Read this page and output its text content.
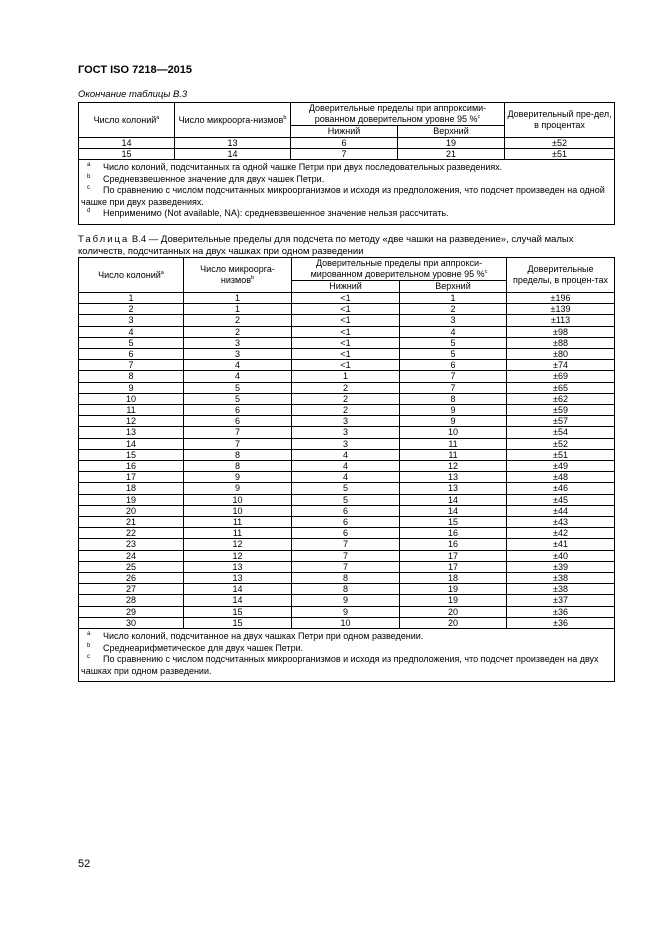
ГОСТ ISO 7218—2015
Окончание таблицы B.3
Число колоний$^a$	Число микроорга-низмов$^b$	Доверительные пределы при аппроксими-рованном доверительном уровне 95 %$^c$		Доверительный пре-дел, в процентах
		Нижний	Верхний	
14	13	6	19	±52
15	14	7	21	±51

a Число колоний, подсчитанных га одной чашке Петри при двух последовательных разведениях.
b Средневзвешенное значение для двух чашек Петри.
c По сравнению с числом подсчитанных микроорганизмов и исходя из предположения, что подсчет произведен на одной чашке при двух разведениях.
d Неприменимо (Not available, NA): средневзвешенное значение нельзя рассчитать.				
Таблица B.4 — Доверительные пределы для подсчета по методу «две чашки на разведение», случай малых количеств, подсчитанных на двух чашках при одном разведении
Число колоний$^a$	Число микроорга-низмов$^b$	Доверительные пределы при аппрокси-мированном доверительном уровне 95 %$^c$		Доверительные пределы, в процен-тах
		Нижний	Верхний	
1	1	<1	1	±196
2	1	<1	2	±139
3	2	<1	3	±113
4	2	<1	4	±98
5	3	<1	5	±88
6	3	<1	5	±80
7	4	<1	6	±74
8	4	1	7	±69
9	5	2	7	±65
10	5	2	8	±62
11	6	2	9	±59
12	6	3	9	±57
13	7	3	10	±54
14	7	3	11	±52
15	8	4	11	±51
16	8	4	12	±49
17	9	4	13	±48
18	9	5	13	±46
19	10	5	14	±45
20	10	6	14	±44
21	11	6	15	±43
22	11	6	16	±42
23	12	7	16	±41
24	12	7	17	±40
25	13	7	17	±39
26	13	8	18	±38
27	14	8	19	±38
28	14	9	19	±37
29	15	9	20	±36
30	15	10	20	±36

a Число колоний, подсчитанное на двух чашках Петри при одном разведении.
b Среднеарифметическое для двух чашек Петри.
c По сравнению с числом подсчитанных микроорганизмов и исходя из предположения, что подсчет произведен на двух чашках при одном разведении.				
52
